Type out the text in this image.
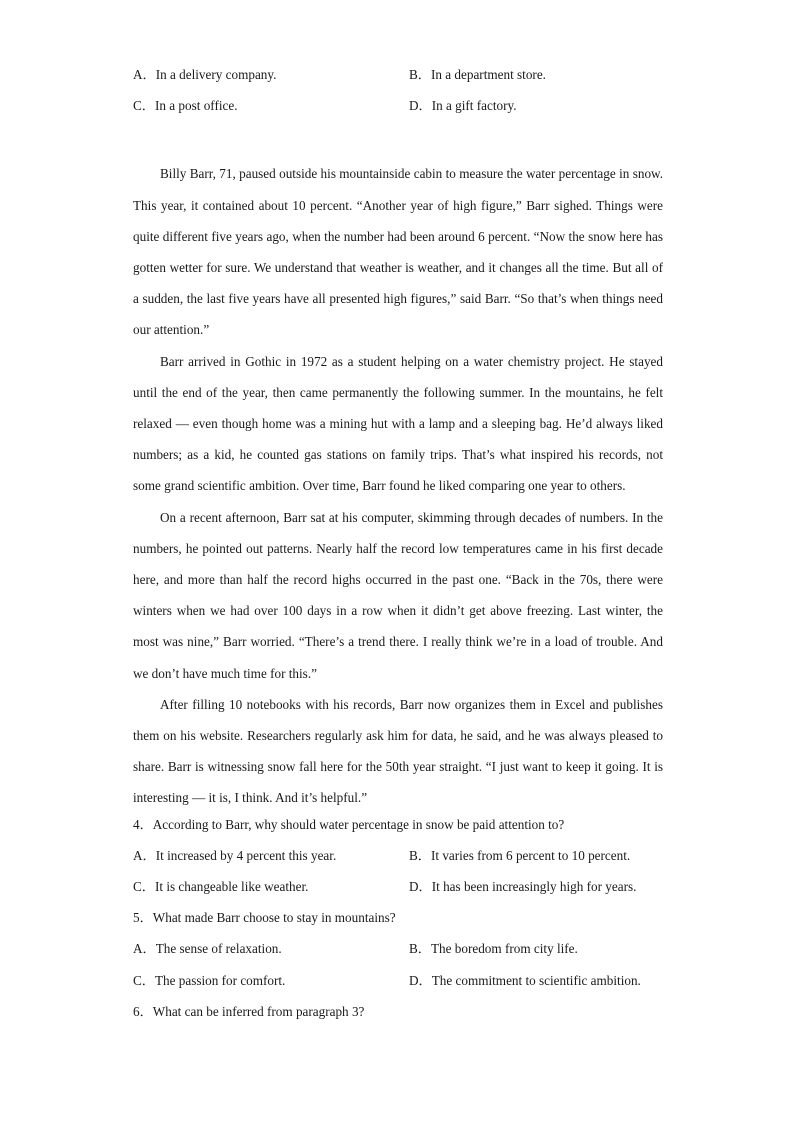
A．In a delivery company.	B．In a department store.
C．In a post office.	D．In a gift factory.

Billy Barr, 71, paused outside his mountainside cabin to measure the water percentage in snow. This year, it contained about 10 percent. “Another year of high figure,” Barr sighed. Things were quite different five years ago, when the number had been around 6 percent. “Now the snow here has gotten wetter for sure. We understand that weather is weather, and it changes all the time. But all of a sudden, the last five years have all presented high figures,” said Barr. “So that’s when things need our attention.”

Barr arrived in Gothic in 1972 as a student helping on a water chemistry project. He stayed until the end of the year, then came permanently the following summer. In the mountains, he felt relaxed — even though home was a mining hut with a lamp and a sleeping bag. He’d always liked numbers; as a kid, he counted gas stations on family trips. That’s what inspired his records, not some grand scientific ambition. Over time, Barr found he liked comparing one year to others.

On a recent afternoon, Barr sat at his computer, skimming through decades of numbers. In the numbers, he pointed out patterns. Nearly half the record low temperatures came in his first decade here, and more than half the record highs occurred in the past one. “Back in the 70s, there were winters when we had over 100 days in a row when it didn’t get above freezing. Last winter, the most was nine,” Barr worried. “There’s a trend there. I really think we’re in a load of trouble. And we don’t have much time for this.”

After filling 10 notebooks with his records, Barr now organizes them in Excel and publishes them on his website. Researchers regularly ask him for data, he said, and he was always pleased to share. Barr is witnessing snow fall here for the 50th year straight. “I just want to keep it going. It is interesting — it is, I think. And it’s helpful.”

4．According to Barr, why should water percentage in snow be paid attention to?
A．It increased by 4 percent this year.	B．It varies from 6 percent to 10 percent.
C．It is changeable like weather.	D．It has been increasingly high for years.
5．What made Barr choose to stay in mountains?
A．The sense of relaxation.	B．The boredom from city life.
C．The passion for comfort.	D．The commitment to scientific ambition.
6．What can be inferred from paragraph 3?
